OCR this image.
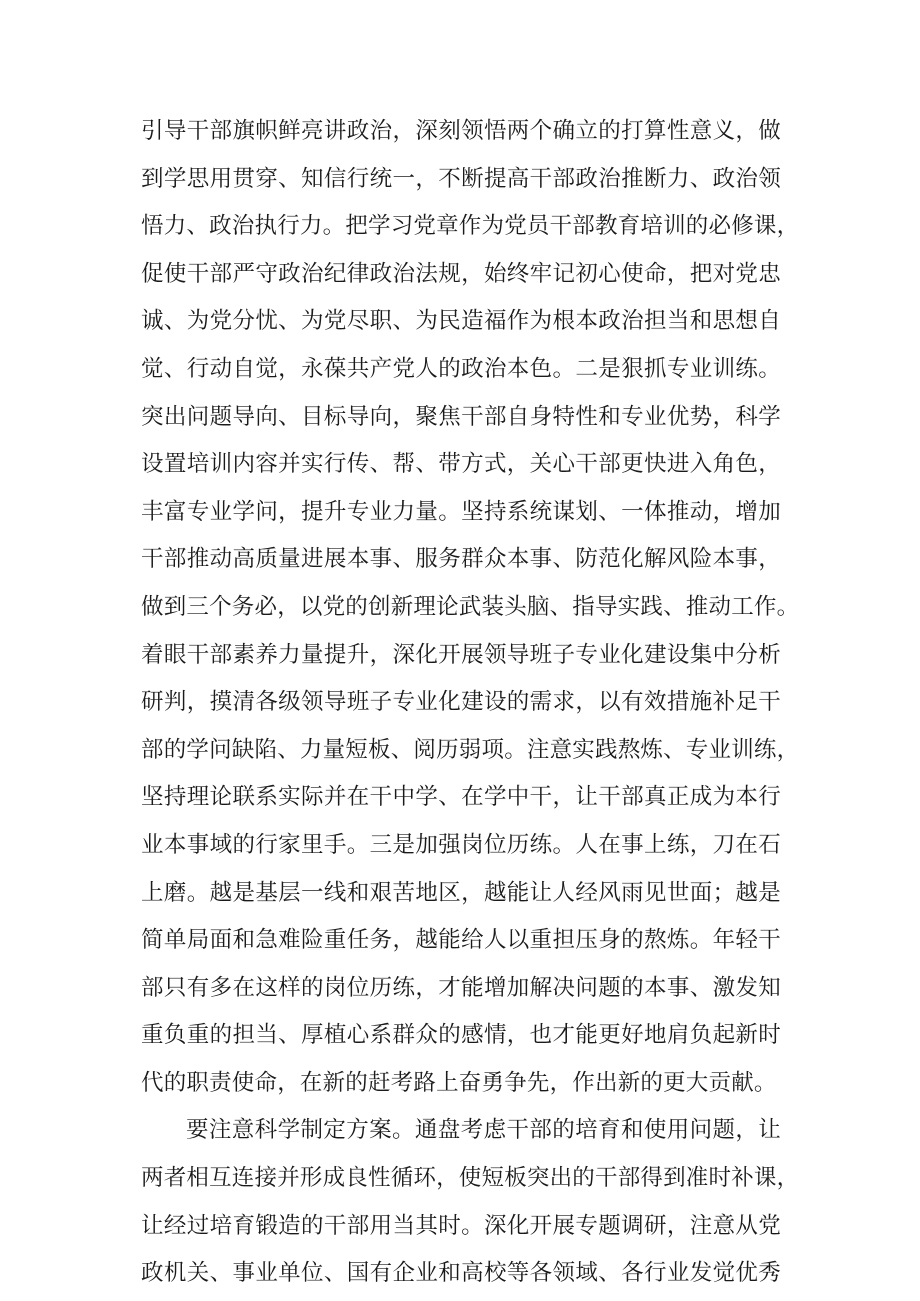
引导干部旗帜鲜亮讲政治，深刻领悟两个确立的打算性意义，做
到学思用贯穿、知信行统一，不断提高干部政治推断力、政治领
悟力、政治执行力。把学习党章作为党员干部教育培训的必修课，
促使干部严守政治纪律政治法规，始终牢记初心使命，把对党忠
诚、为党分忧、为党尽职、为民造福作为根本政治担当和思想自
觉、行动自觉，永葆共产党人的政治本色。二是狠抓专业训练。
突出问题导向、目标导向，聚焦干部自身特性和专业优势，科学
设置培训内容并实行传、帮、带方式，关心干部更快进入角色，
丰富专业学问，提升专业力量。坚持系统谋划、一体推动，增加
干部推动高质量进展本事、服务群众本事、防范化解风险本事，
做到三个务必，以党的创新理论武装头脑、指导实践、推动工作。
着眼干部素养力量提升，深化开展领导班子专业化建设集中分析
研判，摸清各级领导班子专业化建设的需求，以有效措施补足干
部的学问缺陷、力量短板、阅历弱项。注意实践熬炼、专业训练，
坚持理论联系实际并在干中学、在学中干，让干部真正成为本行
业本事域的行家里手。三是加强岗位历练。人在事上练，刀在石
上磨。越是基层一线和艰苦地区，越能让人经风雨见世面；越是
简单局面和急难险重任务，越能给人以重担压身的熬炼。年轻干
部只有多在这样的岗位历练，才能增加解决问题的本事、激发知
重负重的担当、厚植心系群众的感情，也才能更好地肩负起新时
代的职责使命，在新的赶考路上奋勇争先，作出新的更大贡献。
要注意科学制定方案。通盘考虑干部的培育和使用问题，让
两者相互连接并形成良性循环，使短板突出的干部得到准时补课，
让经过培育锻造的干部用当其时。深化开展专题调研，注意从党
政机关、事业单位、国有企业和高校等各领域、各行业发觉优秀
